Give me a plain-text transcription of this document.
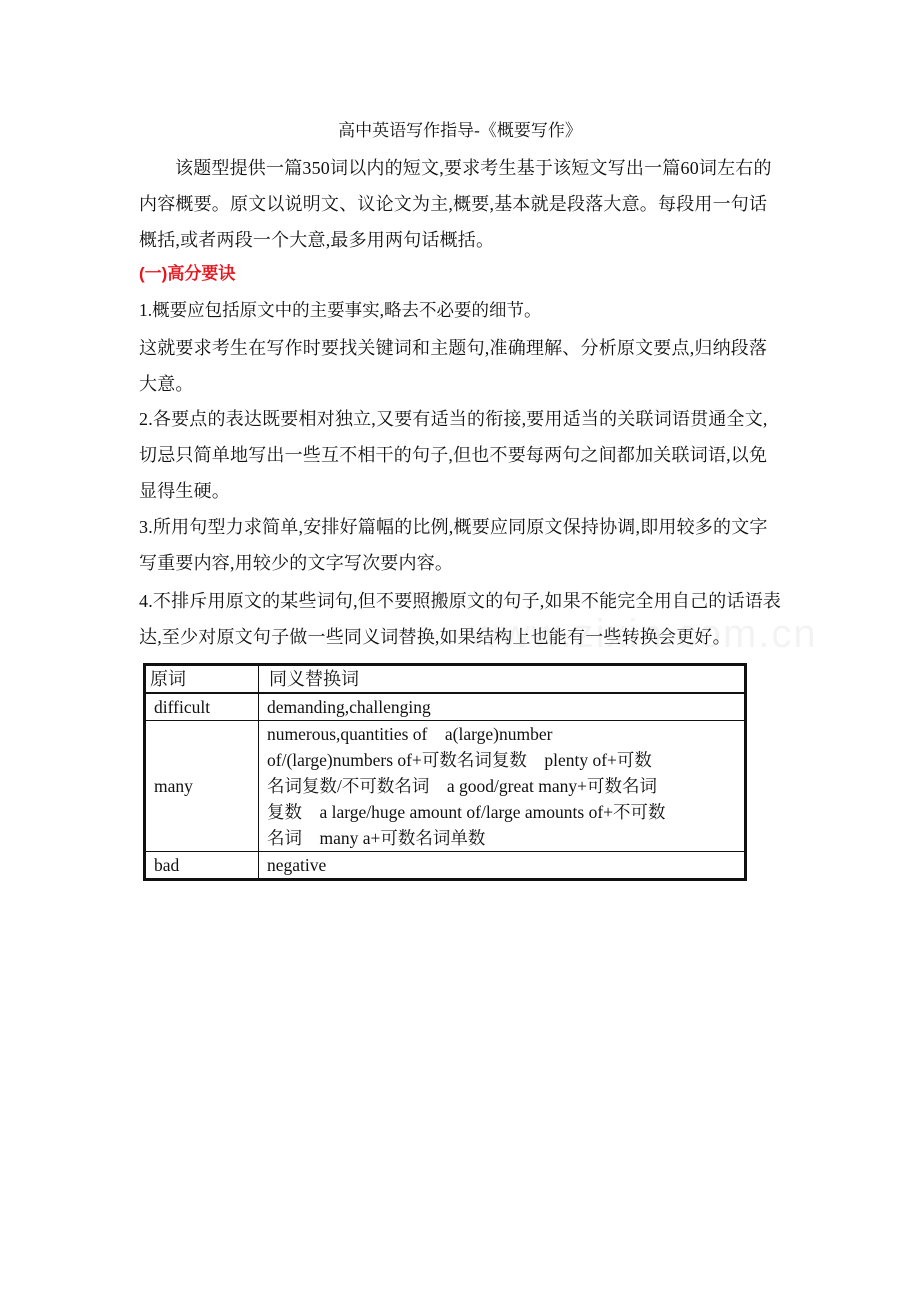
高中英语写作指导-《概要写作》
该题型提供一篇350词以内的短文,要求考生基于该短文写出一篇60词左右的内容概要。原文以说明文、议论文为主,概要,基本就是段落大意。每段用一句话概括,或者两段一个大意,最多用两句话概括。
(一)高分要诀
1.概要应包括原文中的主要事实,略去不必要的细节。
这就要求考生在写作时要找关键词和主题句,准确理解、分析原文要点,归纳段落大意。
2.各要点的表达既要相对独立,又要有适当的衔接,要用适当的关联词语贯通全文,切忌只简单地写出一些互不相干的句子,但也不要每两句之间都加关联词语,以免显得生硬。
3.所用句型力求简单,安排好篇幅的比例,概要应同原文保持协调,即用较多的文字写重要内容,用较少的文字写次要内容。
4.不排斥用原文的某些词句,但不要照搬原文的句子,如果不能完全用自己的话语表达,至少对原文句子做一些同义词替换,如果结构上也能有一些转换会更好。
原词	同义替换词
difficult	demanding,challenging

many	numerous,quantities of　a(large)number
of/(large)numbers of+可数名词复数　plenty of+可数
名词复数/不可数名词　a good/great many+可数名词
复数　a large/huge amount of/large amounts of+不可数
名词　many a+可数名词单数

bad	negative
